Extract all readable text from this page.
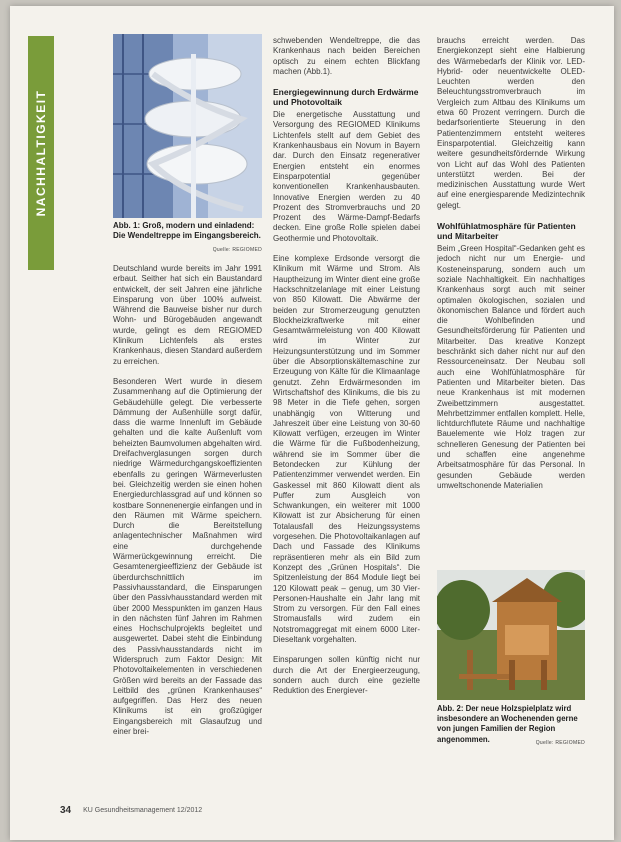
NACHHALTIGKEIT
Abb. 1: Groß, modern und einladend: Die Wendeltreppe im Eingangsbereich.
Quelle: REGIOMED

Deutschland wurde bereits im Jahr 1991 erbaut. Seither hat sich ein Baustandard entwickelt, der seit Jahren eine jährliche Einsparung von über 100% aufweist. Während die Bauweise bisher nur durch Wohn- und Bürogebäuden angewandt wurde, gelingt es dem REGIOMED Klinikum Lichtenfels als erstes Krankenhaus, diesen Standard außerdem zu erreichen.

Besonderen Wert wurde in diesem Zusammenhang auf die Optimierung der Gebäudehülle gelegt. Die verbesserte Dämmung der Außenhülle sorgt dafür, dass die warme Innenluft im Gebäude gehalten und die kalte Außenluft vom beheizten Baumvolumen abgehalten wird. Dreifachverglasungen sorgen durch niedrige Wärmedurchgangskoeffizienten ebenfalls zu geringen Wärmeverlusten bei. Gleichzeitig werden sie einen hohen Energiedurchlassgrad auf und können so kostbare Sonnenenergie einfangen und in den Räumen mit Wärme speichern. Durch die Bereitstellung anlagentechnischer Maßnahmen wird eine durchgehende Wärmerückgewinnung erreicht. Die Gesamtenergieeffizienz der Gebäude ist überdurchschnittlich im Passivhausstandard, die Einsparungen über den Passivhausstandard werden mit über 2000 Messpunkten im ganzen Haus in den nächsten fünf Jahren im Rahmen eines Hochschulprojekts begleitet und ausgewertet. Dabei steht die Einbindung des Passivhausstandards nicht im Widerspruch zum Faktor Design: Mit Photovoltaikelementen in verschiedenen Größen wird bereits an der Fassade das Leitbild des „grünen Krankenhauses“ aufgegriffen. Das Herz des neuen Klinikums ist ein großzügiger Eingangsbereich mit Glasaufzug und einer brei-

schwebenden Wendeltreppe, die das Krankenhaus nach beiden Bereichen optisch zu einem echten Blickfang machen (Abb.1).

Energiegewinnung durch Erdwärme und Photovoltaik

Die energetische Ausstattung und Versorgung des REGIOMED Klinikums Lichtenfels stellt auf dem Gebiet des Krankenhausbaus ein Novum in Bayern dar. Durch den Einsatz regenerativer Energien entsteht ein enormes Einsparpotential gegenüber konventionellen Krankenhausbauten. Innovative Energien werden zu 40 Prozent des Stromverbrauchs und 20 Prozent des Wärme-Dampf-Bedarfs decken. Eine große Rolle spielen dabei Geothermie und Photovoltaik.

Eine komplexe Erdsonde versorgt die Klinikum mit Wärme und Strom. Als Hauptheizung im Winter dient eine große Hackschnitzelanlage mit einer Leistung von 850 Kilowatt. Die Abwärme der beiden zur Stromerzeugung genutzten Blockheizkraftwerke mit einer Gesamtwärmeleistung von 400 Kilowatt wird im Winter zur Heizungsunterstützung und im Sommer über die Absorptionskältemaschine zur Erzeugung von Kälte für die Klimaanlage genutzt. Zehn Erdwärmesonden im Wirtschaftshof des Klinikums, die bis zu 98 Meter in die Tiefe gehen, sorgen unabhängig von Witterung und Jahreszeit über eine Leistung von 30-60 Kilowatt verfügen, erzeugen im Winter die Wärme für die Fußbodenheizung, während sie im Sommer über die Betondecken zur Kühlung der Patientenzimmer verwendet werden. Ein Gaskessel mit 860 Kilowatt dient als Puffer zum Ausgleich von Schwankungen, ein weiterer mit 1000 Kilowatt ist zur Absicherung für einen Totalausfall des Heizungssystems vorgesehen. Die Photovoltaikanlagen auf Dach und Fassade des Klinikums repräsentieren mehr als ein Bild zum Konzept des „Grünen Hospitals“. Die Spitzenleistung der 864 Module liegt bei 120 Kilowatt peak – genug, um 30 Vier-Personen-Haushalte ein Jahr lang mit Strom zu versorgen. Für den Fall eines Stromausfalls wird zudem ein Notstromaggregat mit einem 6000 Liter-Dieseltank vorgehalten.

Einsparungen sollen künftig nicht nur durch die Art der Energieerzeugung, sondern auch durch eine gezielte Reduktion des Energiever-

brauchs erreicht werden. Das Energiekonzept sieht eine Halbierung des Wärmebedarfs der Klinik vor. LED-Hybrid- oder neuentwickelte OLED-Leuchten werden den Beleuchtungsstromverbrauch im Vergleich zum Altbau des Klinikums um etwa 60 Prozent verringern. Durch die bedarfsorientierte Steuerung in den Patientenzimmern entsteht weiteres Einsparpotential. Gleichzeitig kann weitere gesundheitsfördernde Wirkung von Licht auf das Wohl des Patienten unterstützt werden. Bei der medizinischen Ausstattung wurde Wert auf eine energiesparende Medizintechnik gelegt.

Wohlfühlatmosphäre für Patienten und Mitarbeiter

Beim „Green Hospital“-Gedanken geht es jedoch nicht nur um Energie- und Kosteneinsparung, sondern auch um soziale Nachhaltigkeit. Ein nachhaltiges Krankenhaus sorgt auch mit seiner optimalen ökologischen, sozialen und ökonomischen Balance und fördert auch die Wohlbefinden und Gesundheitsförderung für Patienten und Mitarbeiter. Das kreative Konzept beschränkt sich daher nicht nur auf den Ressourceneinsatz. Der Neubau soll auch eine Wohlfühlatmosphäre für Patienten und Mitarbeiter bieten. Das neue Krankenhaus ist mit modernen Zweibettzimmern ausgestattet. Mehrbettzimmer entfallen komplett. Helle, lichtdurchflutete Räume und nachhaltige Bauelemente wie Holz tragen zur schnelleren Genesung der Patienten bei und schaffen eine angenehme Arbeitsatmosphäre für das Personal. In gesunden Gebäude werden umweltschonende Materialien

Abb. 2: Der neue Holzspielplatz wird insbesondere an Wochenenden gerne von jungen Familien der Region angenommen.	Quelle: REGIOMED
34 KU Gesundheitsmanagement 12/2012
